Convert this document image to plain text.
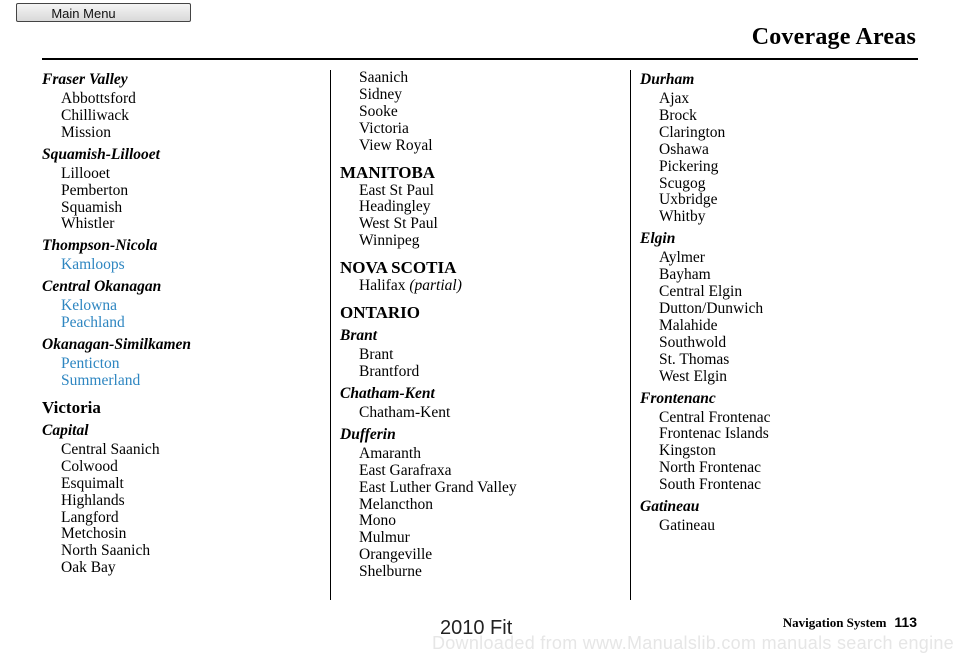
Main Menu
Coverage Areas
Fraser Valley
Abbottsford
Chilliwack
Mission
Squamish-Lillooet
Lillooet
Pemberton
Squamish
Whistler
Thompson-Nicola
Kamloops
Central Okanagan
Kelowna
Peachland
Okanagan-Similkamen
Penticton
Summerland
Victoria
Capital
Central Saanich
Colwood
Esquimalt
Highlands
Langford
Metchosin
North Saanich
Oak Bay
Saanich
Sidney
Sooke
Victoria
View Royal
MANITOBA
East St Paul
Headingley
West St Paul
Winnipeg
NOVA SCOTIA
Halifax (partial)
ONTARIO
Brant
Brant
Brantford
Chatham-Kent
Chatham-Kent
Dufferin
Amaranth
East Garafraxa
East Luther Grand Valley
Melancthon
Mono
Mulmur
Orangeville
Shelburne
Durham
Ajax
Brock
Clarington
Oshawa
Pickering
Scugog
Uxbridge
Whitby
Elgin
Aylmer
Bayham
Central Elgin
Dutton/Dunwich
Malahide
Southwold
St. Thomas
West Elgin
Frontenanc
Central Frontenac
Frontenac Islands
Kingston
North Frontenac
South Frontenac
Gatineau
Gatineau
Navigation System 113
2010 Fit
Downloaded from www.Manualslib.com manuals search engine
